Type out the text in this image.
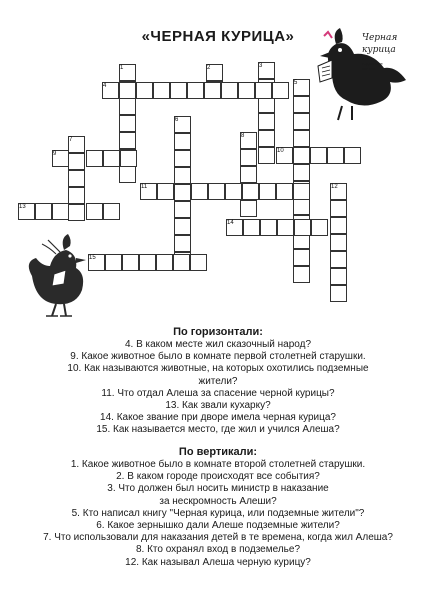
«ЧЕРНАЯ КУРИЦА»
1	2	3
4	5
6
7
8
9	10
11	12
13
14
15
Черная
курица
или
подземные
жители
По горизонтали:
4. В каком месте жил сказочный народ?
9. Какое животное было в комнате первой столетней старушки.
10. Как называются животные, на которых охотились подземные
жители?
11. Что отдал Алеша за спасение черной курицы?
13. Как звали кухарку?
14. Какое звание при дворе имела черная курица?
15. Как называется место, где жил и учился Алеша?
По вертикали:
1. Какое животное было в комнате второй столетней старушки.
2. В каком городе происходят все события?
3. Что должен был носить министр в наказание
за нескромность Алеши?
5. Кто написал книгу "Черная курица, или подземные жители"?
6. Какое зернышко дали Алеше подземные жители?
7. Что использовали для наказания детей в те времена, когда жил Алеша?
8. Кто охранял вход в подземелье?
12. Как называл Алеша черную курицу?
